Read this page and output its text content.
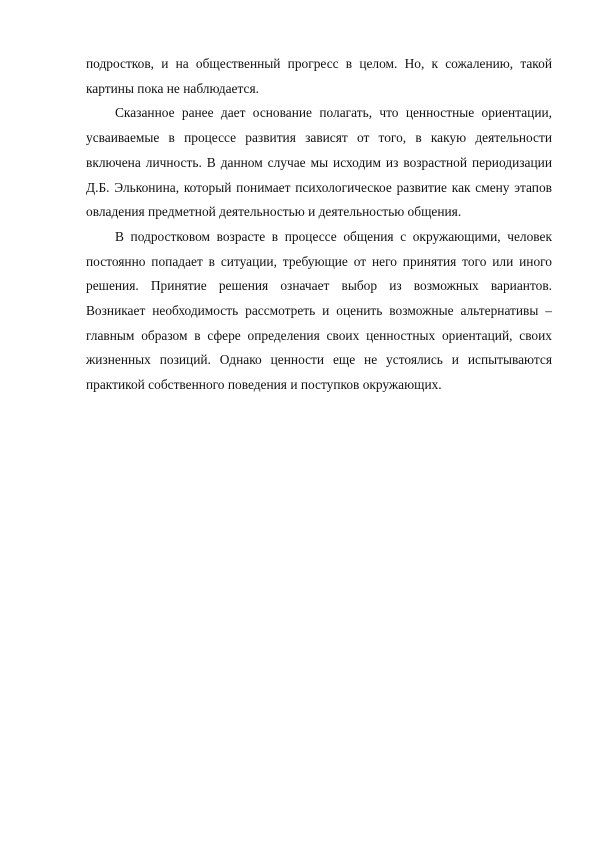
подростков, и на общественный прогресс в целом. Но, к сожалению, такой картины пока не наблюдается.

Сказанное ранее дает основание полагать, что ценностные ориентации, усваиваемые в процессе развития зависят от того, в какую деятельности включена личность. В данном случае мы исходим из возрастной периодизации Д.Б. Эльконина, который понимает психологическое развитие как смену этапов овладения предметной деятельностью и деятельностью общения.

В подростковом возрасте в процессе общения с окружающими, человек постоянно попадает в ситуации, требующие от него принятия того или иного решения. Принятие решения означает выбор из возможных вариантов. Возникает необходимость рассмотреть и оценить возможные альтернативы – главным образом в сфере определения своих ценностных ориентаций, своих жизненных позиций. Однако ценности еще не устоялись и испытываются практикой собственного поведения и поступков окружающих.
